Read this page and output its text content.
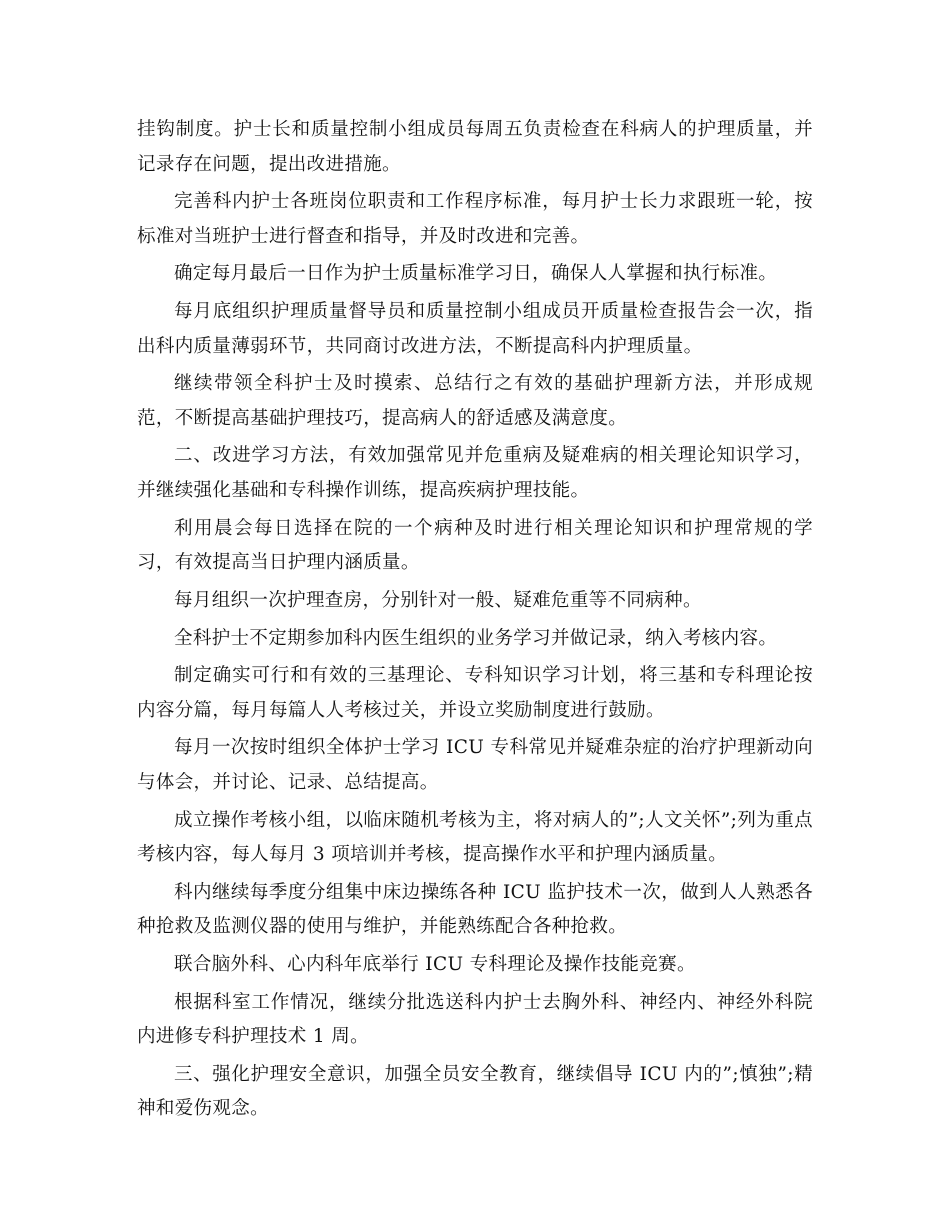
挂钩制度。护士长和质量控制小组成员每周五负责检查在科病人的护理质量，并记录存在问题，提出改进措施。

完善科内护士各班岗位职责和工作程序标准，每月护士长力求跟班一轮，按标准对当班护士进行督查和指导，并及时改进和完善。

确定每月最后一日作为护士质量标准学习日，确保人人掌握和执行标准。

每月底组织护理质量督导员和质量控制小组成员开质量检查报告会一次，指出科内质量薄弱环节，共同商讨改进方法，不断提高科内护理质量。

继续带领全科护士及时摸索、总结行之有效的基础护理新方法，并形成规范，不断提高基础护理技巧，提高病人的舒适感及满意度。

二、改进学习方法，有效加强常见并危重病及疑难病的相关理论知识学习，并继续强化基础和专科操作训练，提高疾病护理技能。

利用晨会每日选择在院的一个病种及时进行相关理论知识和护理常规的学习，有效提高当日护理内涵质量。

每月组织一次护理查房，分别针对一般、疑难危重等不同病种。

全科护士不定期参加科内医生组织的业务学习并做记录，纳入考核内容。

制定确实可行和有效的三基理论、专科知识学习计划，将三基和专科理论按内容分篇，每月每篇人人考核过关，并设立奖励制度进行鼓励。

每月一次按时组织全体护士学习 ICU 专科常见并疑难杂症的治疗护理新动向与体会，并讨论、记录、总结提高。

成立操作考核小组，以临床随机考核为主，将对病人的”;人文关怀”;列为重点考核内容，每人每月 3 项培训并考核，提高操作水平和护理内涵质量。

科内继续每季度分组集中床边操练各种 ICU 监护技术一次，做到人人熟悉各种抢救及监测仪器的使用与维护，并能熟练配合各种抢救。

联合脑外科、心内科年底举行 ICU 专科理论及操作技能竞赛。

根据科室工作情况，继续分批选送科内护士去胸外科、神经内、神经外科院内进修专科护理技术 1 周。

三、强化护理安全意识，加强全员安全教育，继续倡导 ICU 内的”;慎独”;精神和爱伤观念。
